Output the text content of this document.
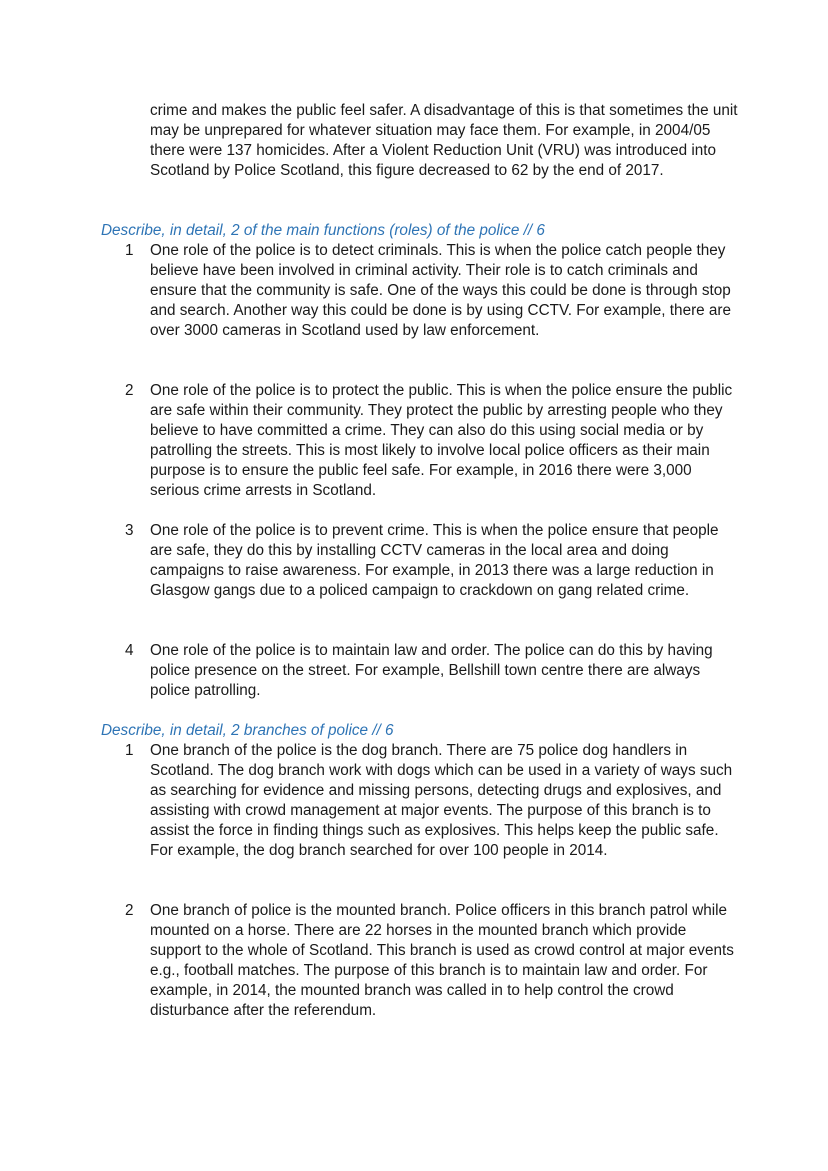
crime and makes the public feel safer. A disadvantage of this is that sometimes the unit may be unprepared for whatever situation may face them. For example, in 2004/05 there were 137 homicides. After a Violent Reduction Unit (VRU) was introduced into Scotland by Police Scotland, this figure decreased to 62 by the end of 2017.

Describe, in detail, 2 of the main functions (roles) of the police // 6

1 One role of the police is to detect criminals. This is when the police catch people they believe have been involved in criminal activity. Their role is to catch criminals and ensure that the community is safe. One of the ways this could be done is through stop and search. Another way this could be done is by using CCTV. For example, there are over 3000 cameras in Scotland used by law enforcement.

2 One role of the police is to protect the public. This is when the police ensure the public are safe within their community. They protect the public by arresting people who they believe to have committed a crime. They can also do this using social media or by patrolling the streets. This is most likely to involve local police officers as their main purpose is to ensure the public feel safe. For example, in 2016 there were 3,000 serious crime arrests in Scotland.

3 One role of the police is to prevent crime. This is when the police ensure that people are safe, they do this by installing CCTV cameras in the local area and doing campaigns to raise awareness. For example, in 2013 there was a large reduction in Glasgow gangs due to a policed campaign to crackdown on gang related crime.

4 One role of the police is to maintain law and order. The police can do this by having police presence on the street. For example, Bellshill town centre there are always police patrolling.

Describe, in detail, 2 branches of police // 6

1 One branch of the police is the dog branch. There are 75 police dog handlers in Scotland. The dog branch work with dogs which can be used in a variety of ways such as searching for evidence and missing persons, detecting drugs and explosives, and assisting with crowd management at major events. The purpose of this branch is to assist the force in finding things such as explosives. This helps keep the public safe. For example, the dog branch searched for over 100 people in 2014.

2 One branch of police is the mounted branch. Police officers in this branch patrol while mounted on a horse. There are 22 horses in the mounted branch which provide support to the whole of Scotland. This branch is used as crowd control at major events e.g., football matches. The purpose of this branch is to maintain law and order. For example, in 2014, the mounted branch was called in to help control the crowd disturbance after the referendum.
